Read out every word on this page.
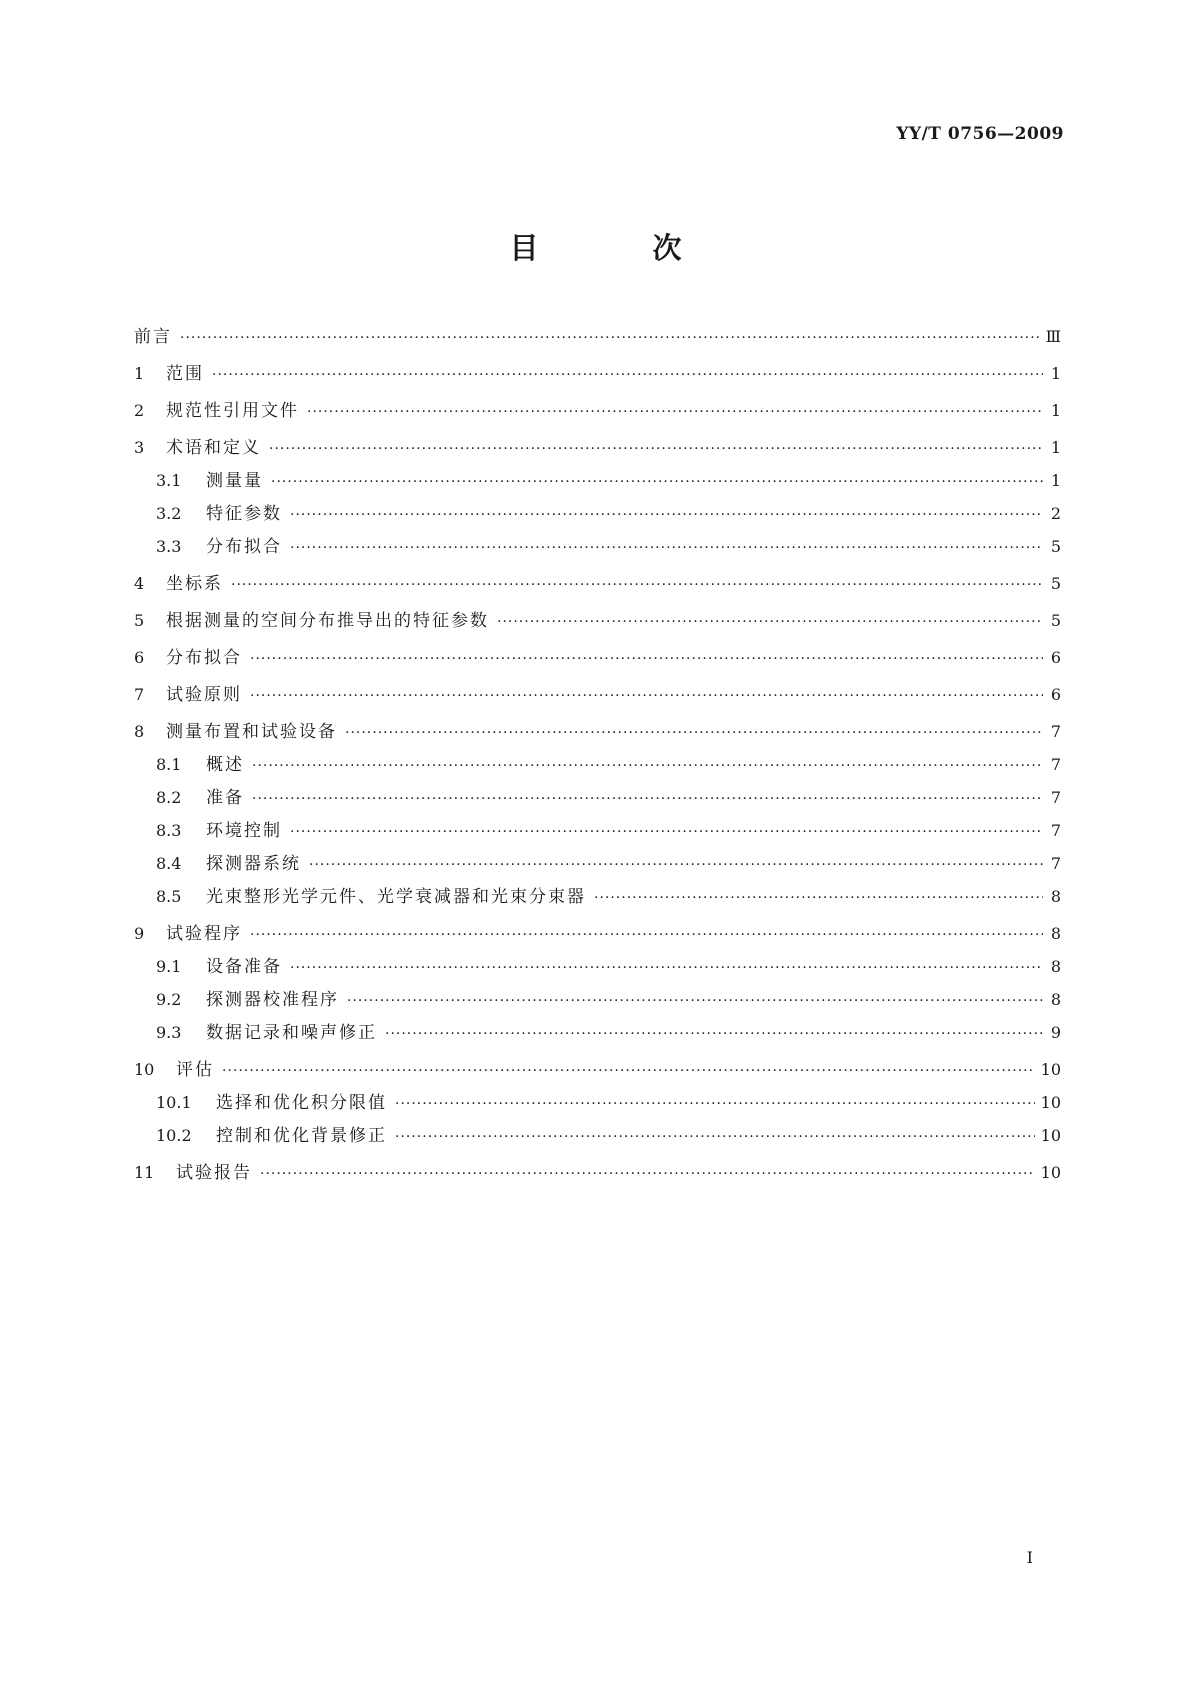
YY/T 0756—2009
目 次
前言 ·····	Ⅲ
1	范围 ·····	1
2	规范性引用文件 ·····	1
3	术语和定义 ·····	1
3.1	测量量 ·····	1
3.2	特征参数 ·····	2
3.3	分布拟合 ·····	5
4	坐标系 ·····	5
5	根据测量的空间分布推导出的特征参数 ·····	5
6	分布拟合 ·····	6
7	试验原则 ·····	6
8	测量布置和试验设备 ·····	7
8.1	概述 ·····	7
8.2	准备 ·····	7
8.3	环境控制 ·····	7
8.4	探测器系统 ·····	7
8.5	光束整形光学元件、光学衰减器和光束分束器 ·····	8
9	试验程序 ·····	8
9.1	设备准备 ·····	8
9.2	探测器校准程序 ·····	8
9.3	数据记录和噪声修正 ·····	9
10	评估 ·····	10
10.1	选择和优化积分限值 ·····	10
10.2	控制和优化背景修正 ·····	10
11	试验报告 ·····	10
I
